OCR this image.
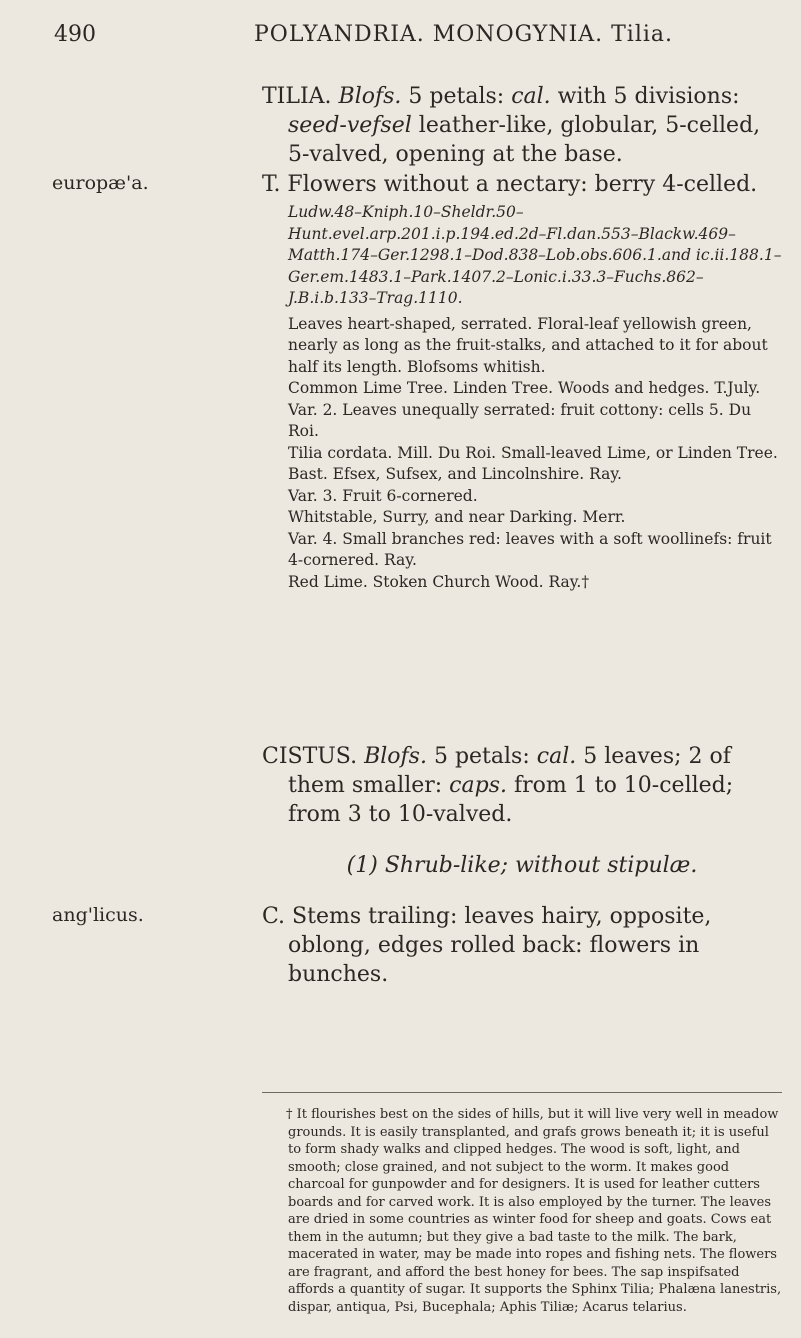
490	POLYANDRIA. MONOGYNIA. Tilia.

TILIA. Blofs. 5 petals: cal. with 5 divisions: seed-vefsel leather-like, globular, 5-celled, 5-valved, opening at the base.

europæ'a.	T. Flowers without a nectary: berry 4-celled.

Ludw.48–Kniph.10–Sheldr.50–Hunt.evel.arp.201.i.p.194.ed.2d–Fl.dan.553–Blackw.469–Matth.174–Ger.1298.1–Dod.838–Lob.obs.606.1.and ic.ii.188.1–Ger.em.1483.1–Park.1407.2–Lonic.i.33.3–Fuchs.862–J.B.i.b.133–Trag.1110.

Leaves heart-shaped, serrated. Floral-leaf yellowish green, nearly as long as the fruit-stalks, and attached to it for about half its length. Blofsoms whitish.

Common Lime Tree. Linden Tree. Woods and hedges. T.July.

Var. 2. Leaves unequally serrated: fruit cottony: cells 5. Du Roi.

Tilia cordata. Mill. Du Roi. Small-leaved Lime, or Linden Tree. Bast. Efsex, Sufsex, and Lincolnshire. Ray.

Var. 3. Fruit 6-cornered.

Whitstable, Surry, and near Darking. Merr.

Var. 4. Small branches red: leaves with a soft woollinefs: fruit 4-cornered. Ray.

Red Lime. Stoken Church Wood. Ray.†

CISTUS. Blofs. 5 petals: cal. 5 leaves; 2 of them smaller: caps. from 1 to 10-celled; from 3 to 10-valved.

(1) Shrub-like; without stipulæ.

ang'licus.	C. Stems trailing: leaves hairy, opposite, oblong, edges rolled back: flowers in bunches.

† It flourishes best on the sides of hills, but it will live very well in meadow grounds. It is easily transplanted, and grafs grows beneath it; it is useful to form shady walks and clipped hedges. The wood is soft, light, and smooth; close grained, and not subject to the worm. It makes good charcoal for gunpowder and for designers. It is used for leather cutters boards and for carved work. It is also employed by the turner. The leaves are dried in some countries as winter food for sheep and goats. Cows eat them in the autumn; but they give a bad taste to the milk. The bark, macerated in water, may be made into ropes and fishing nets. The flowers are fragrant, and afford the best honey for bees. The sap inspifsated affords a quantity of sugar. It supports the Sphinx Tilia; Phalæna lanestris, dispar, antiqua, Psi, Bucephala; Aphis Tiliæ; Acarus telarius.
